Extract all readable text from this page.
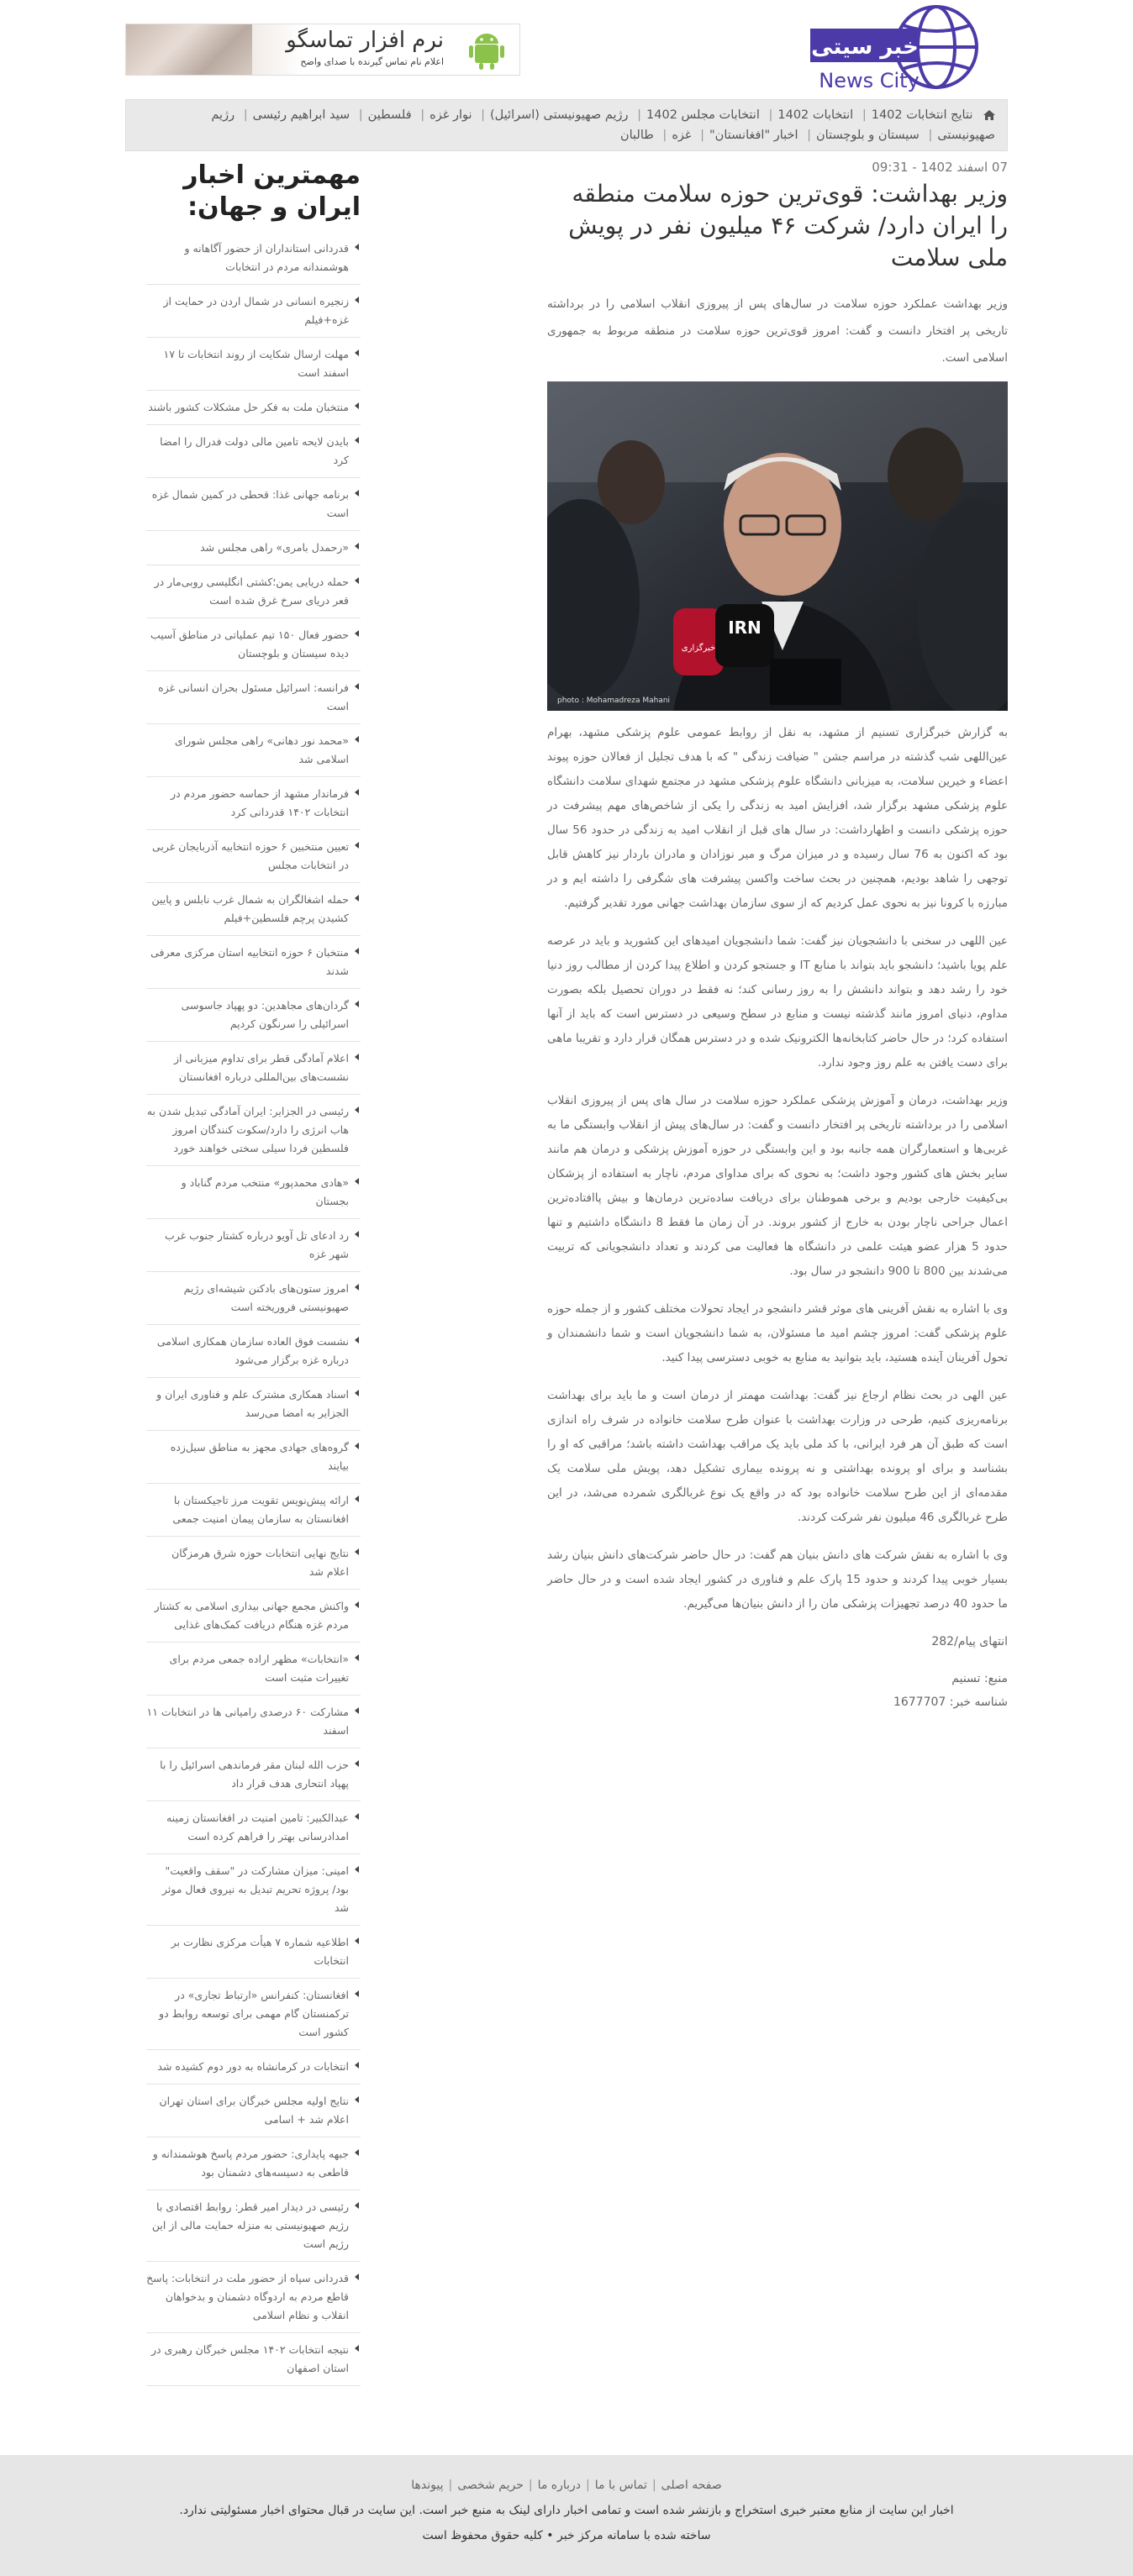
خبر سیتی
News City
نرم افزار تماسگو
اعلام نام تماس گیرنده با صدای واضح
نتایج انتخابات 1402| انتخابات 1402| انتخابات مجلس 1402| رژیم صهیونیستی (اسرائیل)| نوار غزه| فلسطین| سید ابراهیم رئیسی| رژیم صهیونیستی| سیستان و بلوچستان| اخبار "افغانستان"| غزه| طالبان
07 اسفند 1402 - 09:31
وزیر بهداشت: قوی‌ترین حوزه سلامت منطقه را ایران دارد/ شرکت ۴۶ میلیون نفر در پویش ملی سلامت

وزیر بهداشت عملکرد حوزه سلامت در سال‌های پس از پیروزی انقلاب اسلامی را در برداشته تاریخی پر افتخار دانست و گفت: امروز قوی‌ترین حوزه سلامت در منطقه مربوط به جمهوری اسلامی است.

IRN
خبرگزاری
photo : Mohamadreza Mahani

به گزارش خبرگزاری تسنیم از مشهد، به نقل از روابط عمومی علوم پزشکی مشهد، بهرام عین‌اللهی شب گذشته در مراسم جشن " ضیافت زندگی " که با هدف تجلیل از فعالان حوزه پیوند اعضاء و خیرین سلامت، به میزبانی دانشگاه علوم پزشکی مشهد در مجتمع شهدای سلامت دانشگاه علوم پزشکی مشهد برگزار شد، افزایش امید به زندگی را یکی از شاخص‌های مهم پیشرفت در حوزه پزشکی دانست و اظهارداشت: در سال های قبل از انقلاب امید به زندگی در حدود 56 سال بود که اکنون به 76 سال رسیده و در میزان مرگ و میر نوزادان و مادران باردار نیز کاهش قابل توجهی را شاهد بودیم، همچنین در بحث ساخت واکسن پیشرفت های شگرفی را داشته ایم و در مبارزه با کرونا نیز به نحوی عمل کردیم که از سوی سازمان بهداشت جهانی مورد تقدیر گرفتیم.

عین اللهی در سخنی با دانشجویان نیز گفت: شما دانشجویان امیدهای این کشورید و باید در عرصه علم پویا باشید؛ دانشجو باید بتواند با منابع IT و جستجو کردن و اطلاع پیدا کردن از مطالب روز دنیا خود را رشد دهد و بتواند دانشش را به روز رسانی کند؛ نه فقط در دوران تحصیل بلکه بصورت مداوم، دنیای امروز مانند گذشته نیست و منابع در سطح وسیعی در دسترس است که باید از آنها استفاده کرد؛ در حال حاضر کتابخانه‌ها الکترونیک شده و در دسترس همگان قرار دارد و تقریبا ماهی برای دست یافتن به علم روز وجود ندارد.

وزیر بهداشت، درمان و آموزش پزشکی عملکرد حوزه سلامت در سال های پس از پیروزی انقلاب اسلامی را در برداشته تاریخی پر افتخار دانست و گفت: در سال‌های پیش از انقلاب وابستگی ما به غربی‌ها و استعمارگران همه جانبه بود و این وابستگی در حوزه آموزش پزشکی و درمان هم مانند سایر بخش های کشور وجود داشت؛ به نحوی که برای مداوای مردم، ناچار به استفاده از پزشکان بی‌کیفیت خارجی بودیم و برخی هموطنان برای دریافت ساده‌ترین درمان‌ها و بیش پاافتاده‌ترین اعمال جراحی ناچار بودن به خارج از کشور بروند. در آن زمان ما فقط 8 دانشگاه داشتیم و تنها حدود 5 هزار عضو هیئت علمی در دانشگاه ها فعالیت می کردند و تعداد دانشجویانی که تربیت می‌شدند بین 800 تا 900 دانشجو در سال بود.

وی با اشاره به نقش آفرینی های موثر قشر دانشجو در ایجاد تحولات مختلف کشور و از جمله حوزه علوم پزشکی گفت: امروز چشم امید ما مسئولان، به شما دانشجویان است و شما دانشمندان و تحول آفرینان آینده هستید، باید بتوانید به منابع به خوبی دسترسی پیدا کنید.

عین الهی در بحث نظام ارجاع نیز گفت: بهداشت مهمتر از درمان است و ما باید برای بهداشت برنامه‌ریزی کنیم، طرحی در وزارت بهداشت با عنوان طرح سلامت خانواده در شرف راه اندازی است که طبق آن هر فرد ایرانی، با کد ملی باید یک مراقب بهداشت داشته باشد؛ مراقبی که او را بشناسد و برای او پرونده بهداشتی و نه پرونده بیماری تشکیل دهد، پویش ملی سلامت یک مقدمه‌ای از این طرح سلامت خانواده بود که در واقع یک نوع غربالگری شمرده می‌شد، در این طرح غربالگری 46 میلیون نفر شرکت کردند.

وی با اشاره به نقش شرکت های دانش بنیان هم گفت: در حال حاضر شرکت‌های دانش بنیان رشد بسیار خوبی پیدا کردند و حدود 15 پارک علم و فناوری در کشور ایجاد شده است و در حال حاضر ما حدود 40 درصد تجهیزات پزشکی مان را از دانش بنیان‌ها می‌گیریم.

انتهای پیام/282
منبع: تسنیم
شناسه خبر: 1677707
مهمترین اخبار ایران و جهان:
قدردانی استانداران از حضور آگاهانه و هوشمندانه مردم در انتخابات
زنجیره انسانی در شمال اردن در حمایت از غزه+فیلم
مهلت ارسال شکایت از روند انتخابات تا ۱۷ اسفند است
منتخبان ملت به فکر حل مشکلات کشور باشند
بایدن لایحه تامین مالی دولت فدرال را امضا کرد
برنامه جهانی غذا: قحطی در کمین شمال غزه است
«رحمدل بامری» راهی مجلس شد
حمله دریایی یمن؛کشتی انگلیسی روبی‌مار در قعر دریای سرخ غرق شده است
حضور فعال ۱۵۰ تیم عملیاتی در مناطق آسیب دیده سیستان و بلوچستان
فرانسه: اسرائیل مسئول بحران انسانی غزه است
«محمد نور دهانی» راهی مجلس شورای اسلامی شد
فرماندار مشهد از حماسه حضور مردم در انتخابات ۱۴۰۲ قدردانی کرد
تعیین منتخبین ۶ حوزه انتخابیه آذربایجان غربی در انتخابات مجلس
حمله اشغالگران به شمال غرب نابلس و پایین کشیدن پرچم فلسطین+فیلم
منتخبان ۶ حوزه انتخابیه استان مرکزی معرفی شدند
گردان‌های مجاهدین: دو پهپاد جاسوسی اسرائیلی را سرنگون کردیم
اعلام آمادگی قطر برای تداوم میزبانی از نشست‌های بین‌المللی درباره افغانستان
رئیسی در الجزایر: ایران آمادگی تبدیل شدن به هاب انرژی را دارد/سکوت کنندگان امروز فلسطین فردا سیلی سختی خواهند خورد
«هادی محمدپور» منتخب مردم گناباد و بجستان
رد ادعای تل آویو درباره کشتار جنوب غرب شهر غزه
امروز ستون‌های بادکنن شیشه‌ای رژیم صهیونیستی فروریخته است
نشست فوق العاده سازمان همکاری اسلامی درباره غزه برگزار می‌شود
اسناد همکاری مشترک علم و فناوری ایران و الجزایر به امضا می‌رسد
گروه‌های جهادی مجهز به مناطق سیل‌زده بیایند
ارائه پیش‌نویس تقویت مرز تاجیکستان با افغانستان به سازمان پیمان امنیت جمعی
نتایج نهایی انتخابات حوزه شرق هرمزگان اعلام شد
واکنش مجمع جهانی بیداری اسلامی به کشتار مردم غزه هنگام دریافت کمک‌های غذایی
«انتخابات» مظهر اراده جمعی مردم برای تغییرات مثبت است
مشارکت ۶۰ درصدی رامیانی ها در انتخابات ۱۱ اسفند
حزب الله لبنان مقر فرماندهی اسرائیل را با پهپاد انتحاری هدف قرار داد
عبدالکبیر: تامین امنیت در افغانستان زمینه امدادرسانی بهتر را فراهم کرده است
امینی: میزان مشارکت در "سقف واقعیت" بود/ پروژه تحریم تبدیل به نیروی فعال موثر شد
اطلاعیه شماره ۷ هیأت مرکزی نظارت بر انتخابات
افغانستان: کنفرانس «ارتباط تجاری» در ترکمنستان گام مهمی برای توسعه روابط دو کشور است
انتخابات در کرمانشاه به دور دوم کشیده شد
نتایج اولیه مجلس خبرگان برای استان تهران اعلام شد + اسامی
جبهه پایداری: حضور مردم پاسخ هوشمندانه و قاطعی به دسیسه‌های دشمنان بود
رئیسی در دیدار امیر قطر: روابط اقتصادی با رژیم صهیونیستی به منزله حمایت مالی از این رژیم است
قدردانی سپاه از حضور ملت در انتخابات: پاسخ قاطع مردم به اردوگاه دشمنان و بدخواهان انقلاب و نظام اسلامی
نتیجه انتخابات ۱۴۰۲ مجلس خبرگان رهبری در استان اصفهان
صفحه اصلی|تماس با ما|درباره ما|حریم شخصی|پیوندها
اخبار این سایت از منابع معتبر خبری استخراج و بازنشر شده است و تمامی اخبار دارای لینک به منبع خبر است. این سایت در قبال محتوای اخبار مسئولیتی ندارد.
ساخته شده با سامانه مرکز خبر • کلیه حقوق محفوظ است
